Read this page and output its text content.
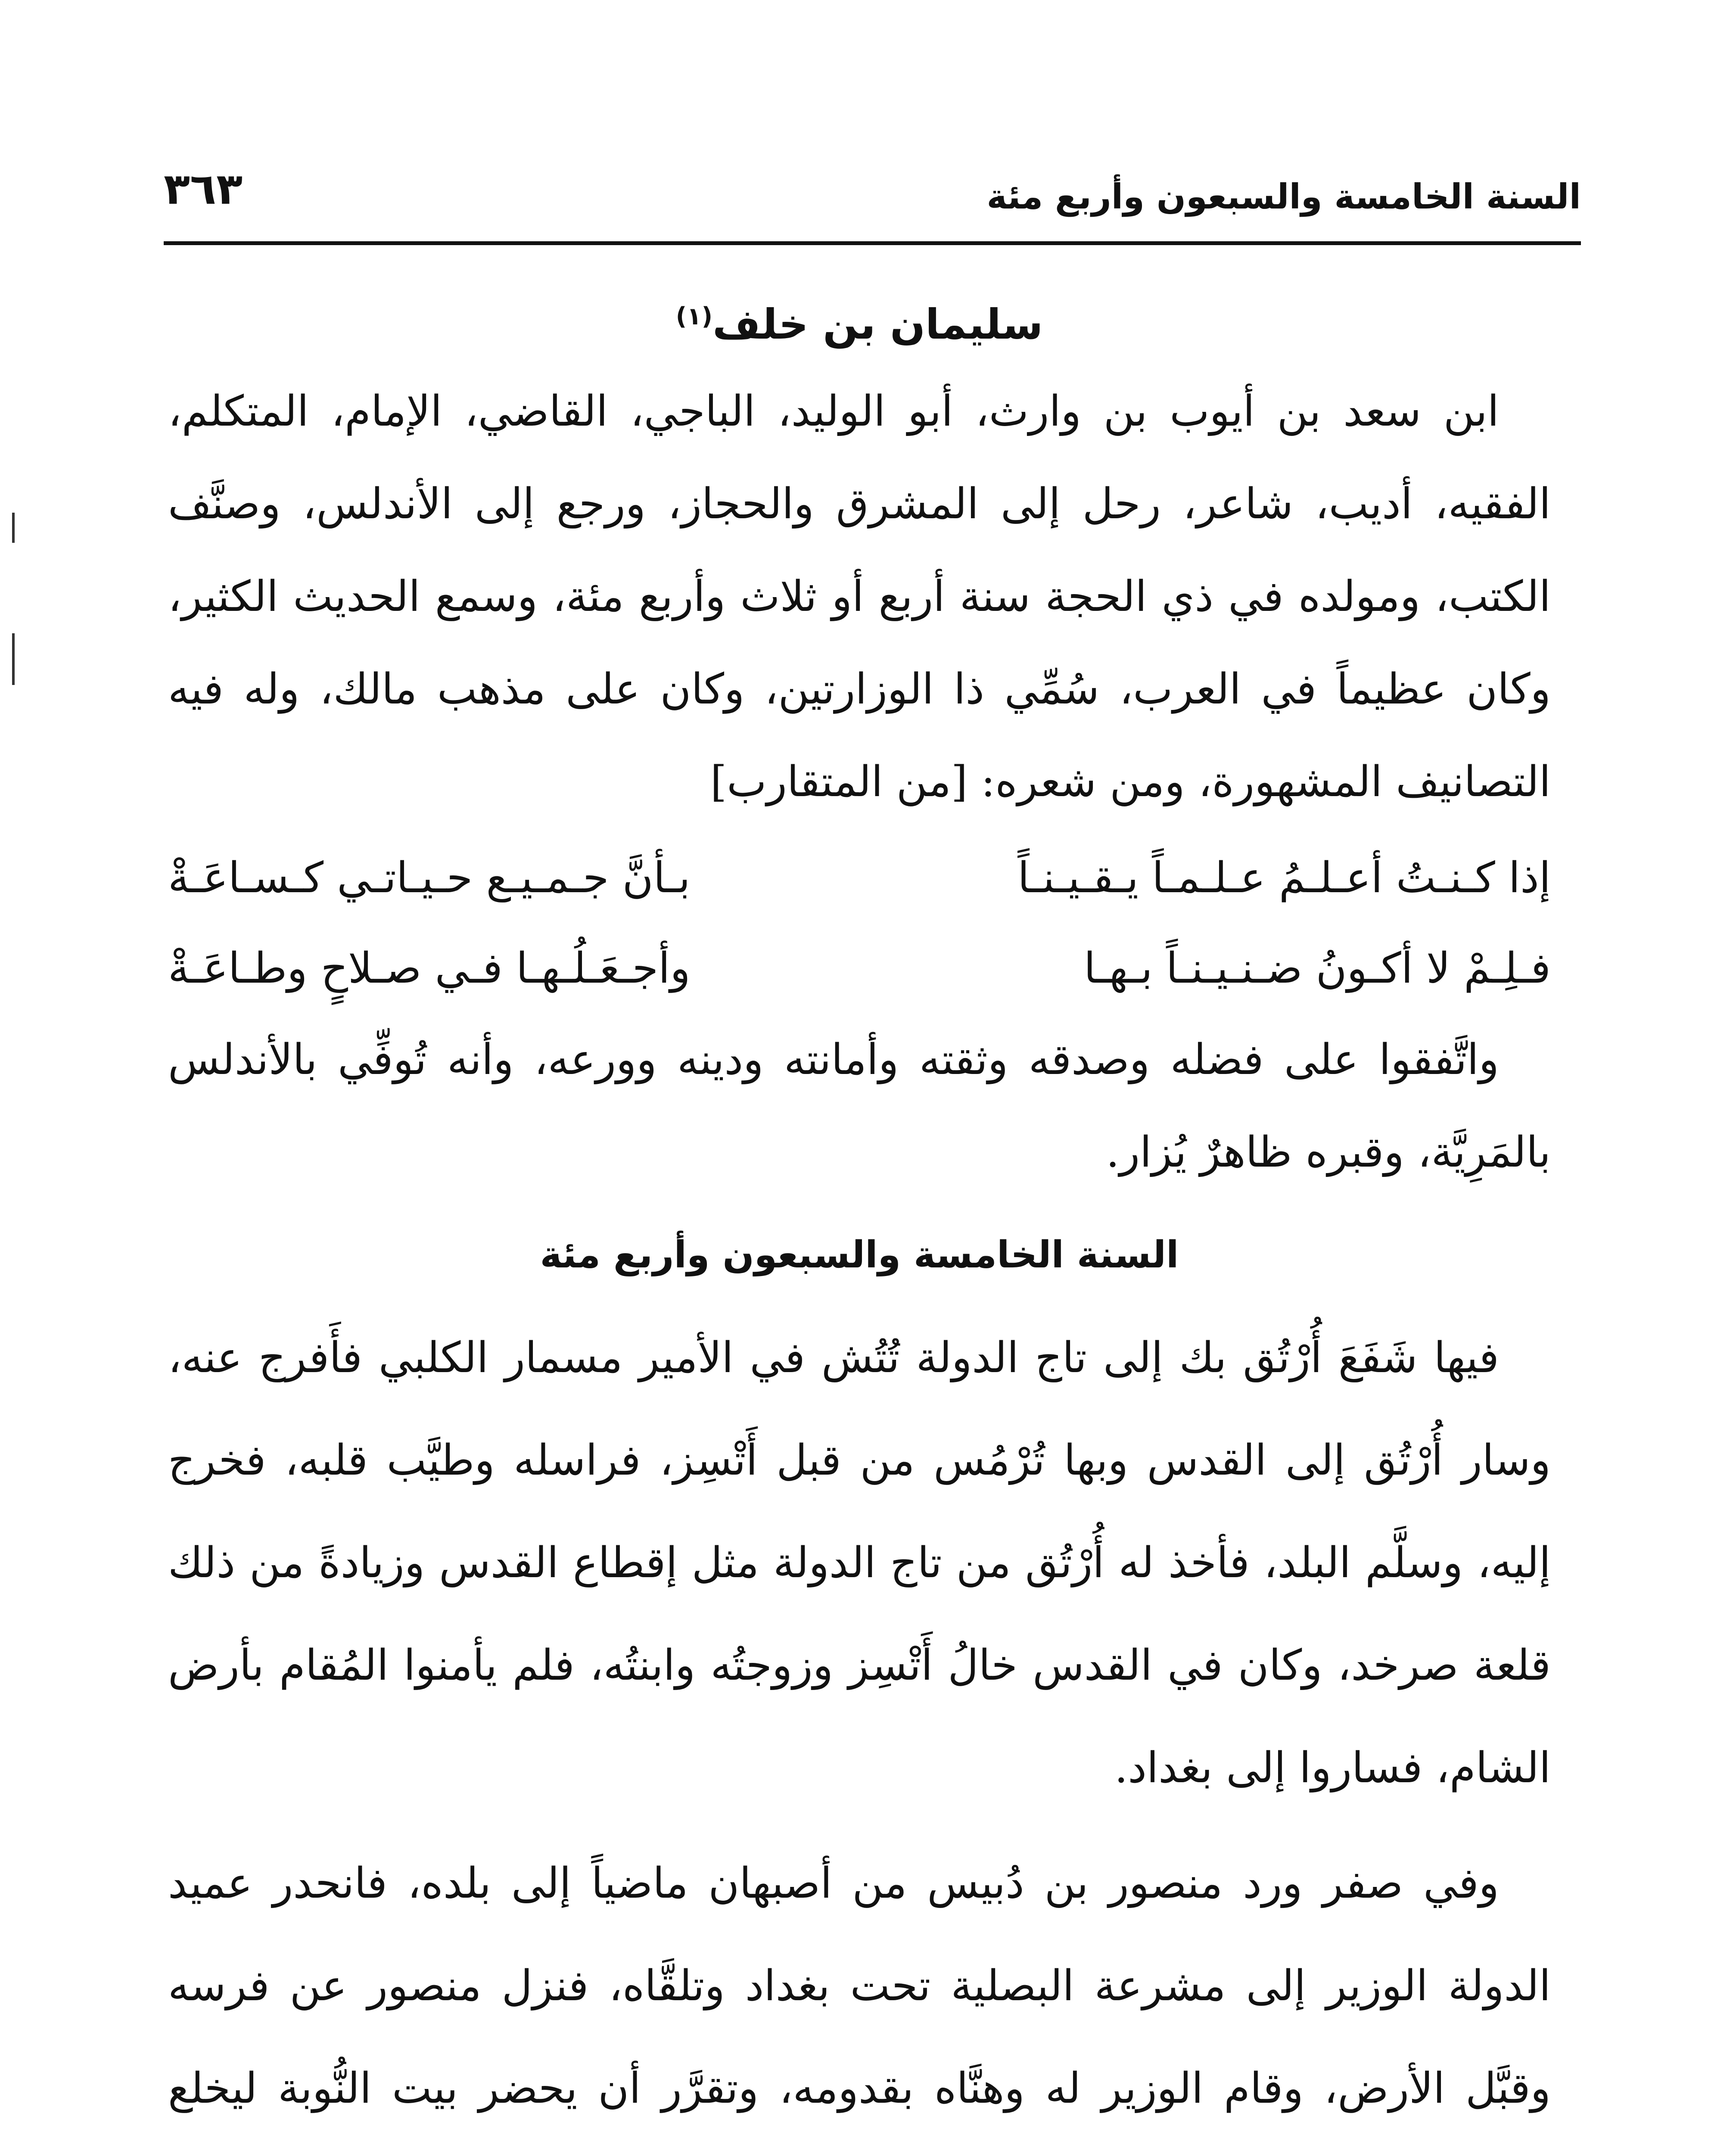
السنة الخامسة والسبعون وأربع مئة
٣٦٣
سليمان بن خلف$^{(١)}$

ابن سعد بن أيوب بن وارث، أبو الوليد، الباجي، القاضي، الإمام، المتكلم، الفقيه، أديب، شاعر، رحل إلى المشرق والحجاز، ورجع إلى الأندلس، وصنَّف الكتب، ومولده في ذي الحجة سنة أربع أو ثلاث وأربع مئة، وسمع الحديث الكثير، وكان عظيماً في العرب، سُمِّي ذا الوزارتين، وكان على مذهب مالك، وله فيه التصانيف المشهورة، ومن شعره: [من المتقارب]

إذا كـنـتُ أعـلـمُ عـلـمـاً يـقـيـنـاً
بـأنَّ جـمـيـع حـيـاتـي كـسـاعَـةْ
فـلِـمْ لا أكـونُ ضـنـيـنـاً بـهـا
وأجـعَـلُـهـا فـي صـلاحٍ وطـاعَـةْ

واتَّفقوا على فضله وصدقه وثقته وأمانته ودينه وورعه، وأنه تُوفِّي بالأندلس بالمَرِيَّة، وقبره ظاهرٌ يُزار.

السنة الخامسة والسبعون وأربع مئة

فيها شَفَعَ أُرْتُق بك إلى تاج الدولة تُتُش في الأمير مسمار الكلبي فأَفرج عنه، وسار أُرْتُق إلى القدس وبها تُرْمُس من قبل أَتْسِز، فراسله وطيَّب قلبه، فخرج إليه، وسلَّم البلد، فأخذ له أُرْتُق من تاج الدولة مثل إقطاع القدس وزيادةً من ذلك قلعة صرخد، وكان في القدس خالُ أَتْسِز وزوجتُه وابنتُه، فلم يأمنوا المُقام بأرض الشام، فساروا إلى بغداد.

وفي صفر ورد منصور بن دُبيس من أصبهان ماضياً إلى بلده، فانحدر عميد الدولة الوزير إلى مشرعة البصلية تحت بغداد وتلقَّاه، فنزل منصور عن فرسه وقبَّل الأرض، وقام الوزير له وهنَّاه بقدومه، وتقرَّر أن يحضر بيت النُّوبة ليخلع
